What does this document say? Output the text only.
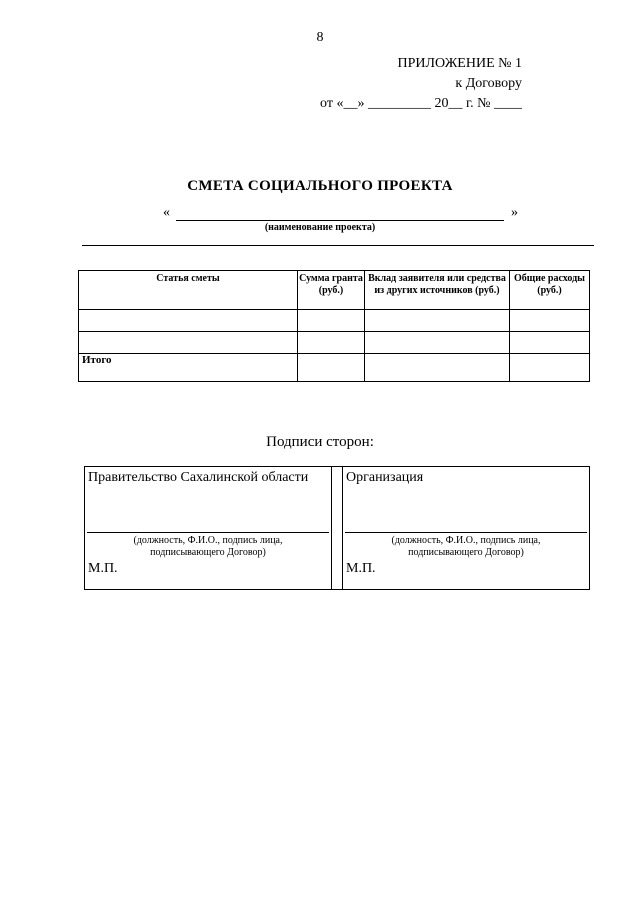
8
ПРИЛОЖЕНИЕ № 1
к Договору
от «__» _________ 20__ г. № ____
СМЕТА СОЦИАЛЬНОГО ПРОЕКТА
«	»
(наименование проекта)
Статья сметы	Сумма гранта (руб.)	Вклад заявителя или средства из других источников (руб.)	Общие расходы (руб.)

Итого			
Подписи сторон:
Правительство Сахалинской области
(должность, Ф.И.О., подпись лица,
подписывающего Договор)
М.П.
Организация
(должность, Ф.И.О., подпись лица,
подписывающего Договор)
М.П.
